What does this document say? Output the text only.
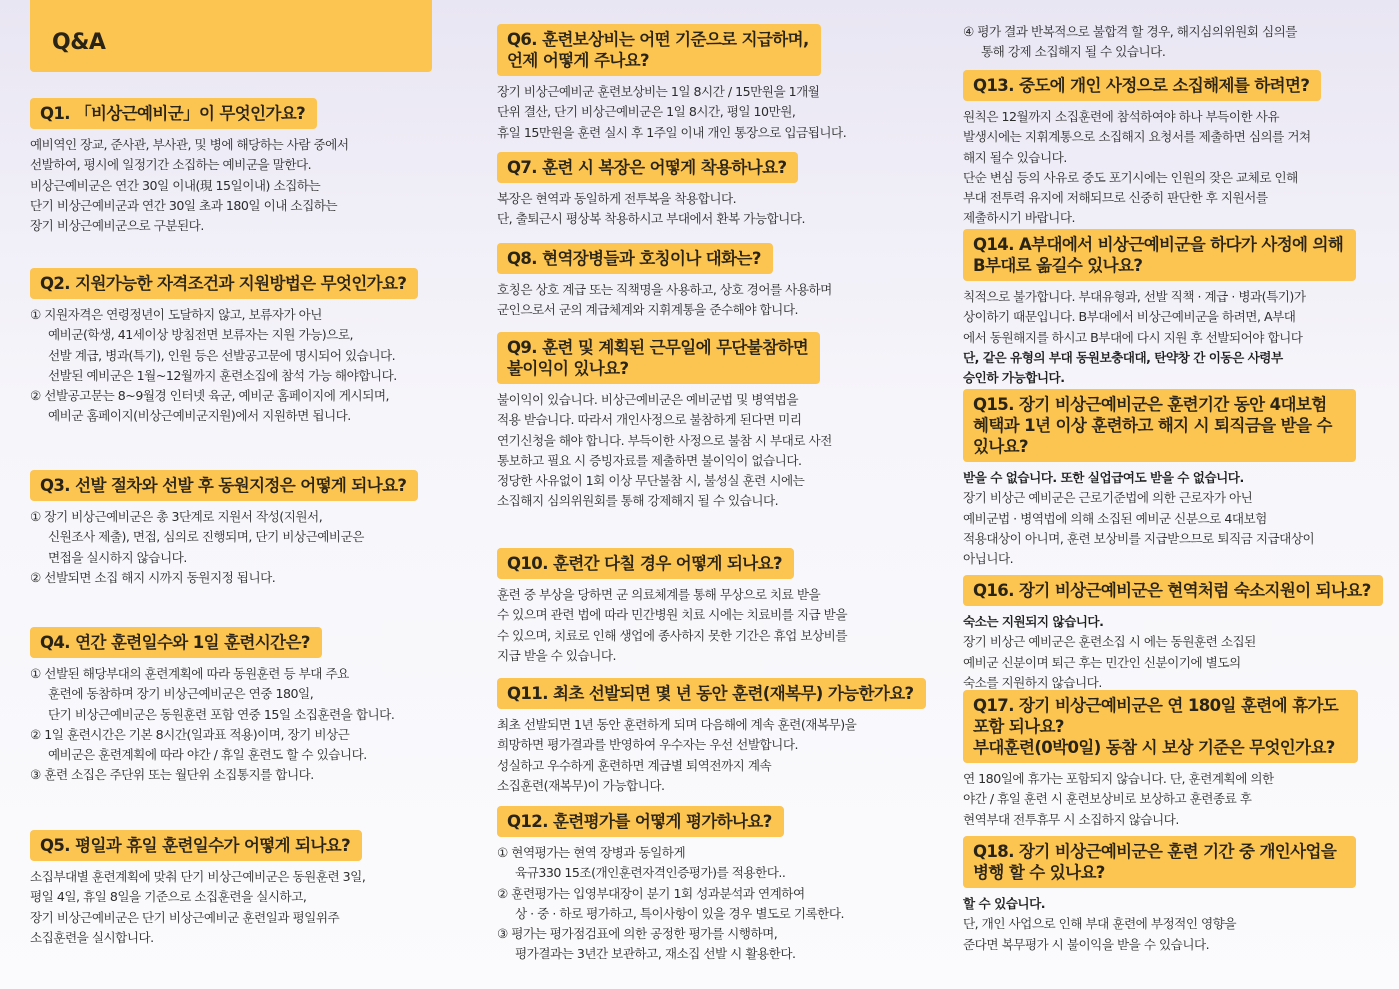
Q&A
Q1. 「비상근예비군」이 무엇인가요?

예비역인 장교, 준사관, 부사관, 및 병에 해당하는 사람 중에서

선발하여, 평시에 일정기간 소집하는 예비군을 말한다.

비상근예비군은 연간 30일 이내(現 15일이내) 소집하는

단기 비상근예비군과 연간 30일 초과 180일 이내 소집하는

장기 비상근예비군으로 구분된다.

Q2. 지원가능한 자격조건과 지원방법은 무엇인가요?

① 지원자격은 연령정년이 도달하지 않고, 보류자가 아닌

예비군(학생, 41세이상 방침전면 보류자는 지원 가능)으로,

선발 계급, 병과(특기), 인원 등은 선발공고문에 명시되어 있습니다.

선발된 예비군은 1월~12월까지 훈련소집에 참석 가능 해야합니다.

② 선발공고문는 8~9월경 인터넷 육군, 예비군 홈페이지에 게시되며,

예비군 홈페이지(비상근예비군지원)에서 지원하면 됩니다.

Q3. 선발 절차와 선발 후 동원지정은 어떻게 되나요?

① 장기 비상근예비군은 총 3단계로 지원서 작성(지원서,

신원조사 제출), 면접, 심의로 진행되며, 단기 비상근예비군은

면접을 실시하지 않습니다.

② 선발되면 소집 해지 시까지 동원지정 됩니다.

Q4. 연간 훈련일수와 1일 훈련시간은?

① 선발된 해당부대의 훈련계획에 따라 동원훈련 등 부대 주요

훈련에 동참하며 장기 비상근예비군은 연중 180일,

단기 비상근예비군은 동원훈련 포함 연중 15일 소집훈련을 합니다.

② 1일 훈련시간은 기본 8시간(일과표 적용)이며, 장기 비상근

예비군은 훈련계획에 따라 야간 / 휴일 훈련도 할 수 있습니다.

③ 훈련 소집은 주단위 또는 월단위 소집통지를 합니다.

Q5. 평일과 휴일 훈련일수가 어떻게 되나요?

소집부대별 훈련계획에 맞춰 단기 비상근예비군은 동원훈련 3일,

평일 4일, 휴일 8일을 기준으로 소집훈련을 실시하고,

장기 비상근예비군은 단기 비상근예비군 훈련일과 평일위주

소집훈련을 실시합니다.

Q6. 훈련보상비는 어떤 기준으로 지급하며,
언제 어떻게 주나요?

장기 비상근예비군 훈련보상비는 1일 8시간 / 15만원을 1개월

단위 결산, 단기 비상근예비군은 1일 8시간, 평일 10만원,

휴일 15만원을 훈련 실시 후 1주일 이내 개인 통장으로 입금됩니다.

Q7. 훈련 시 복장은 어떻게 착용하나요?

복장은 현역과 동일하게 전투복을 착용합니다.

단, 출퇴근시 평상복 착용하시고 부대에서 환복 가능합니다.

Q8. 현역장병들과 호칭이나 대화는?

호칭은 상호 계급 또는 직책명을 사용하고, 상호 경어를 사용하며

군인으로서 군의 계급체계와 지휘계통을 준수해야 합니다.

Q9. 훈련 및 계획된 근무일에 무단불참하면
불이익이 있나요?

불이익이 있습니다. 비상근예비군은 예비군법 및 병역법을

적용 받습니다. 따라서 개인사정으로 불참하게 된다면 미리

연기신청을 해야 합니다. 부득이한 사정으로 불참 시 부대로 사전

통보하고 필요 시 증빙자료를 제출하면 불이익이 없습니다.

정당한 사유없이 1회 이상 무단불참 시, 불성실 훈련 시에는

소집해지 심의위원회를 통해 강제해지 될 수 있습니다.

Q10. 훈련간 다칠 경우 어떻게 되나요?

훈련 중 부상을 당하면 군 의료체계를 통해 무상으로 치료 받을

수 있으며 관련 법에 따라 민간병원 치료 시에는 치료비를 지급 받을

수 있으며, 치료로 인해 생업에 종사하지 못한 기간은 휴업 보상비를

지급 받을 수 있습니다.

Q11. 최초 선발되면 몇 년 동안 훈련(재복무) 가능한가요?

최초 선발되면 1년 동안 훈련하게 되며 다음해에 계속 훈련(재복무)을

희망하면 평가결과를 반영하여 우수자는 우선 선발합니다.

성실하고 우수하게 훈련하면 계급별 퇴역전까지 계속

소집훈련(재복무)이 가능합니다.

Q12. 훈련평가를 어떻게 평가하나요?

① 현역평가는 현역 장병과 동일하게

육규330 15조(개인훈련자격인증평가)를 적용한다..

② 훈련평가는 입영부대장이 분기 1회 성과분석과 연계하여

상 · 중 · 하로 평가하고, 특이사항이 있을 경우 별도로 기록한다.

③ 평가는 평가점검표에 의한 공정한 평가를 시행하며,

평가결과는 3년간 보관하고, 재소집 선발 시 활용한다.

④ 평가 결과 반복적으로 불합격 할 경우, 해지심의위원회 심의를

통해 강제 소집해지 될 수 있습니다.

Q13. 중도에 개인 사정으로 소집해제를 하려면?

원칙은 12월까지 소집훈련에 참석하여야 하나 부득이한 사유

발생시에는 지휘계통으로 소집해지 요청서를 제출하면 심의를 거쳐

해지 될수 있습니다.

단순 변심 등의 사유로 중도 포기시에는 인원의 잦은 교체로 인해

부대 전투력 유지에 저해되므로 신중히 판단한 후 지원서를

제출하시기 바랍니다.

Q14. A부대에서 비상근예비군을 하다가 사정에 의해
B부대로 옮길수 있나요?

칙적으로 불가합니다. 부대유형과, 선발 직책 · 계급 · 병과(특기)가

상이하기 때문입니다. B부대에서 비상근예비군을 하려면, A부대

에서 동원해지를 하시고 B부대에 다시 지원 후 선발되어야 합니다

단, 같은 유형의 부대 동원보충대대, 탄약창 간 이동은 사령부

승인하 가능합니다.

Q15. 장기 비상근예비군은 훈련기간 동안 4대보험
혜택과 1년 이상 훈련하고 해지 시 퇴직금을 받을 수
있나요?

받을 수 없습니다. 또한 실업급여도 받을 수 없습니다.

장기 비상근 예비군은 근로기준법에 의한 근로자가 아닌

예비군법 · 병역법에 의해 소집된 예비군 신분으로 4대보험

적용대상이 아니며, 훈련 보상비를 지급받으므로 퇴직금 지급대상이

아닙니다.

Q16. 장기 비상근예비군은 현역처럼 숙소지원이 되나요?

숙소는 지원되지 않습니다.

장기 비상근 예비군은 훈련소집 시 에는 동원훈련 소집된

예비군 신분이며 퇴근 후는 민간인 신분이기에 별도의

숙소를 지원하지 않습니다.

Q17. 장기 비상근예비군은 연 180일 훈련에 휴가도
포함 되나요?
부대훈련(0박0일) 동참 시 보상 기준은 무엇인가요?

연 180일에 휴가는 포함되지 않습니다. 단, 훈련계획에 의한

야간 / 휴일 훈련 시 훈련보상비로 보상하고 훈련종료 후

현역부대 전투휴무 시 소집하지 않습니다.

Q18. 장기 비상근예비군은 훈련 기간 중 개인사업을
병행 할 수 있나요?

할 수 있습니다.

단, 개인 사업으로 인해 부대 훈련에 부정적인 영향을

준다면 복무평가 시 불이익을 받을 수 있습니다.
